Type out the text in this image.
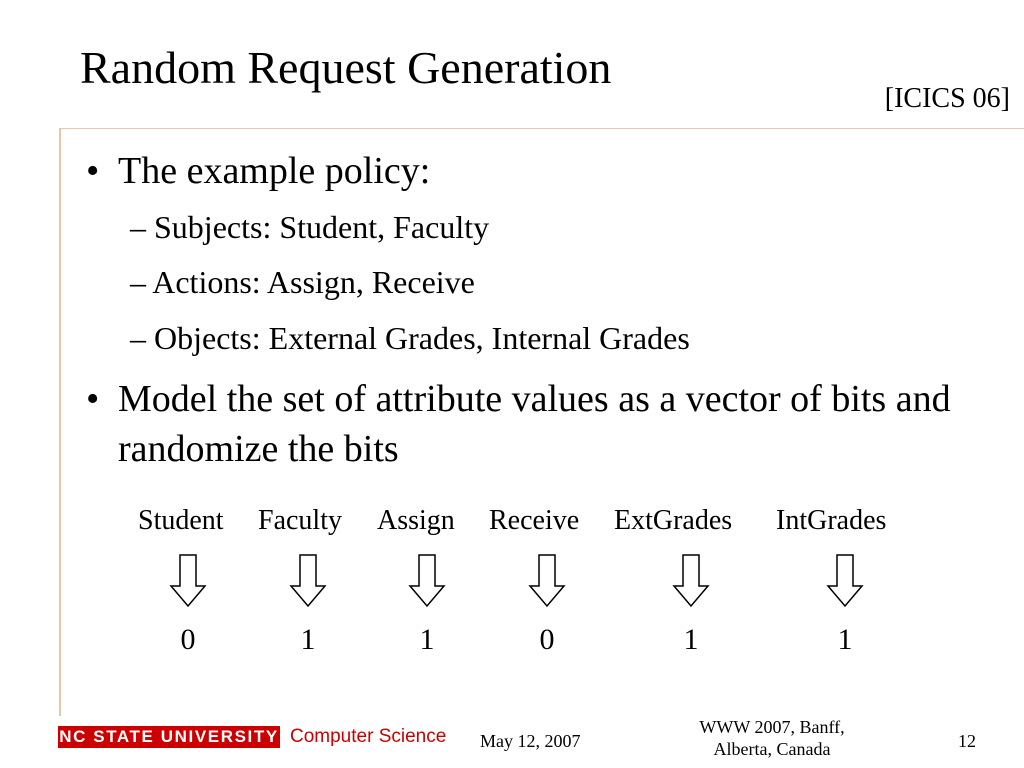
Random Request Generation
[ICICS 06]
• The example policy:
– Subjects: Student, Faculty
– Actions: Assign, Receive
– Objects: External Grades, Internal Grades
• Model the set of attribute values as a vector of bits and randomize the bits
Student Faculty Assign Receive ExtGrades IntGrades
0	1	1	0	1	1
NC STATE UNIVERSITY Computer Science May 12, 2007
WWW 2007, Banff,
Alberta, Canada	12
